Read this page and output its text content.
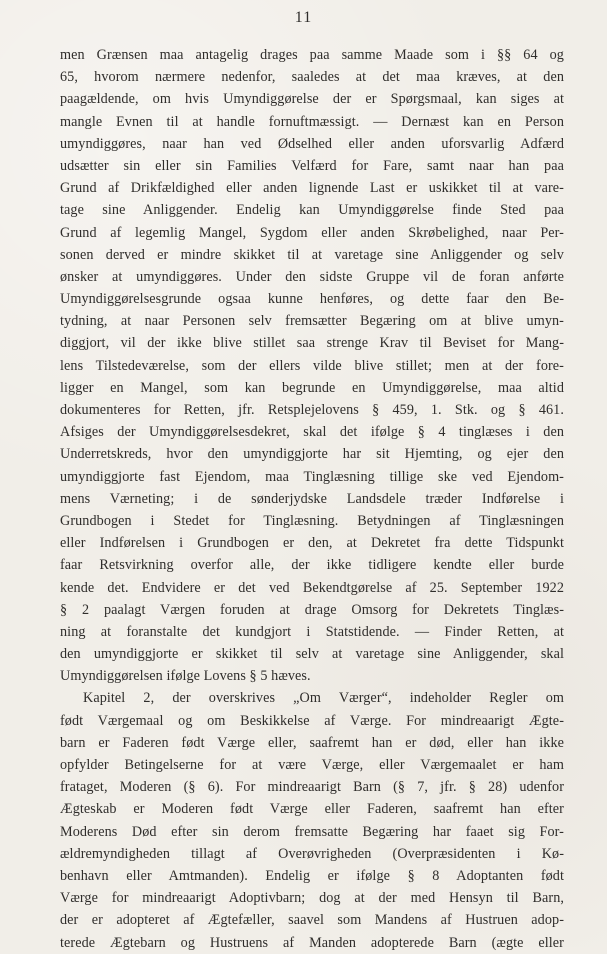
11
men Grænsen maa antagelig drages paa samme Maade som i §§ 64 og
65, hvorom nærmere nedenfor, saaledes at det maa kræves, at den
paagældende, om hvis Umyndiggørelse der er Spørgsmaal, kan siges at
mangle Evnen til at handle fornuftmæssigt. — Dernæst kan en Person
umyndiggøres, naar han ved Ødselhed eller anden uforsvarlig Adfærd
udsætter sin eller sin Families Velfærd for Fare, samt naar han paa
Grund af Drikfældighed eller anden lignende Last er uskikket til at vare-
tage sine Anliggender. Endelig kan Umyndiggørelse finde Sted paa
Grund af legemlig Mangel, Sygdom eller anden Skrøbelighed, naar Per-
sonen derved er mindre skikket til at varetage sine Anliggender og selv
ønsker at umyndiggøres. Under den sidste Gruppe vil de foran anførte
Umyndiggørelsesgrunde ogsaa kunne henføres, og dette faar den Be-
tydning, at naar Personen selv fremsætter Begæring om at blive umyn-
diggjort, vil der ikke blive stillet saa strenge Krav til Beviset for Mang-
lens Tilstedeværelse, som der ellers vilde blive stillet; men at der fore-
ligger en Mangel, som kan begrunde en Umyndiggørelse, maa altid
dokumenteres for Retten, jfr. Retsplejelovens § 459, 1. Stk. og § 461.
Afsiges der Umyndiggørelsesdekret, skal det ifølge § 4 tinglæses i den
Underretskreds, hvor den umyndiggjorte har sit Hjemting, og ejer den
umyndiggjorte fast Ejendom, maa Tinglæsning tillige ske ved Ejendom-
mens Værneting; i de sønderjydske Landsdele træder Indførelse i
Grundbogen i Stedet for Tinglæsning. Betydningen af Tinglæsningen
eller Indførelsen i Grundbogen er den, at Dekretet fra dette Tidspunkt
faar Retsvirkning overfor alle, der ikke tidligere kendte eller burde
kende det. Endvidere er det ved Bekendtgørelse af 25. September 1922
§ 2 paalagt Værgen foruden at drage Omsorg for Dekretets Tinglæs-
ning at foranstalte det kundgjort i Statstidende. — Finder Retten, at
den umyndiggjorte er skikket til selv at varetage sine Anliggender, skal
Umyndiggørelsen ifølge Lovens § 5 hæves.
Kapitel 2, der overskrives „Om Værger“, indeholder Regler om
født Værgemaal og om Beskikkelse af Værge. For mindreaarigt Ægte-
barn er Faderen født Værge eller, saafremt han er død, eller han ikke
opfylder Betingelserne for at være Værge, eller Værgemaalet er ham
frataget, Moderen (§ 6). For mindreaarigt Barn (§ 7, jfr. § 28) udenfor
Ægteskab er Moderen født Værge eller Faderen, saafremt han efter
Moderens Død efter sin derom fremsatte Begæring har faaet sig For-
ældremyndigheden tillagt af Overøvrigheden (Overpræsidenten i Kø-
benhavn eller Amtmanden). Endelig er ifølge § 8 Adoptanten født
Værge for mindreaarigt Adoptivbarn; dog at der med Hensyn til Barn,
der er adopteret af Ægtefæller, saavel som Mandens af Hustruen adop-
terede Ægtebarn og Hustruens af Manden adopterede Barn (ægte eller
